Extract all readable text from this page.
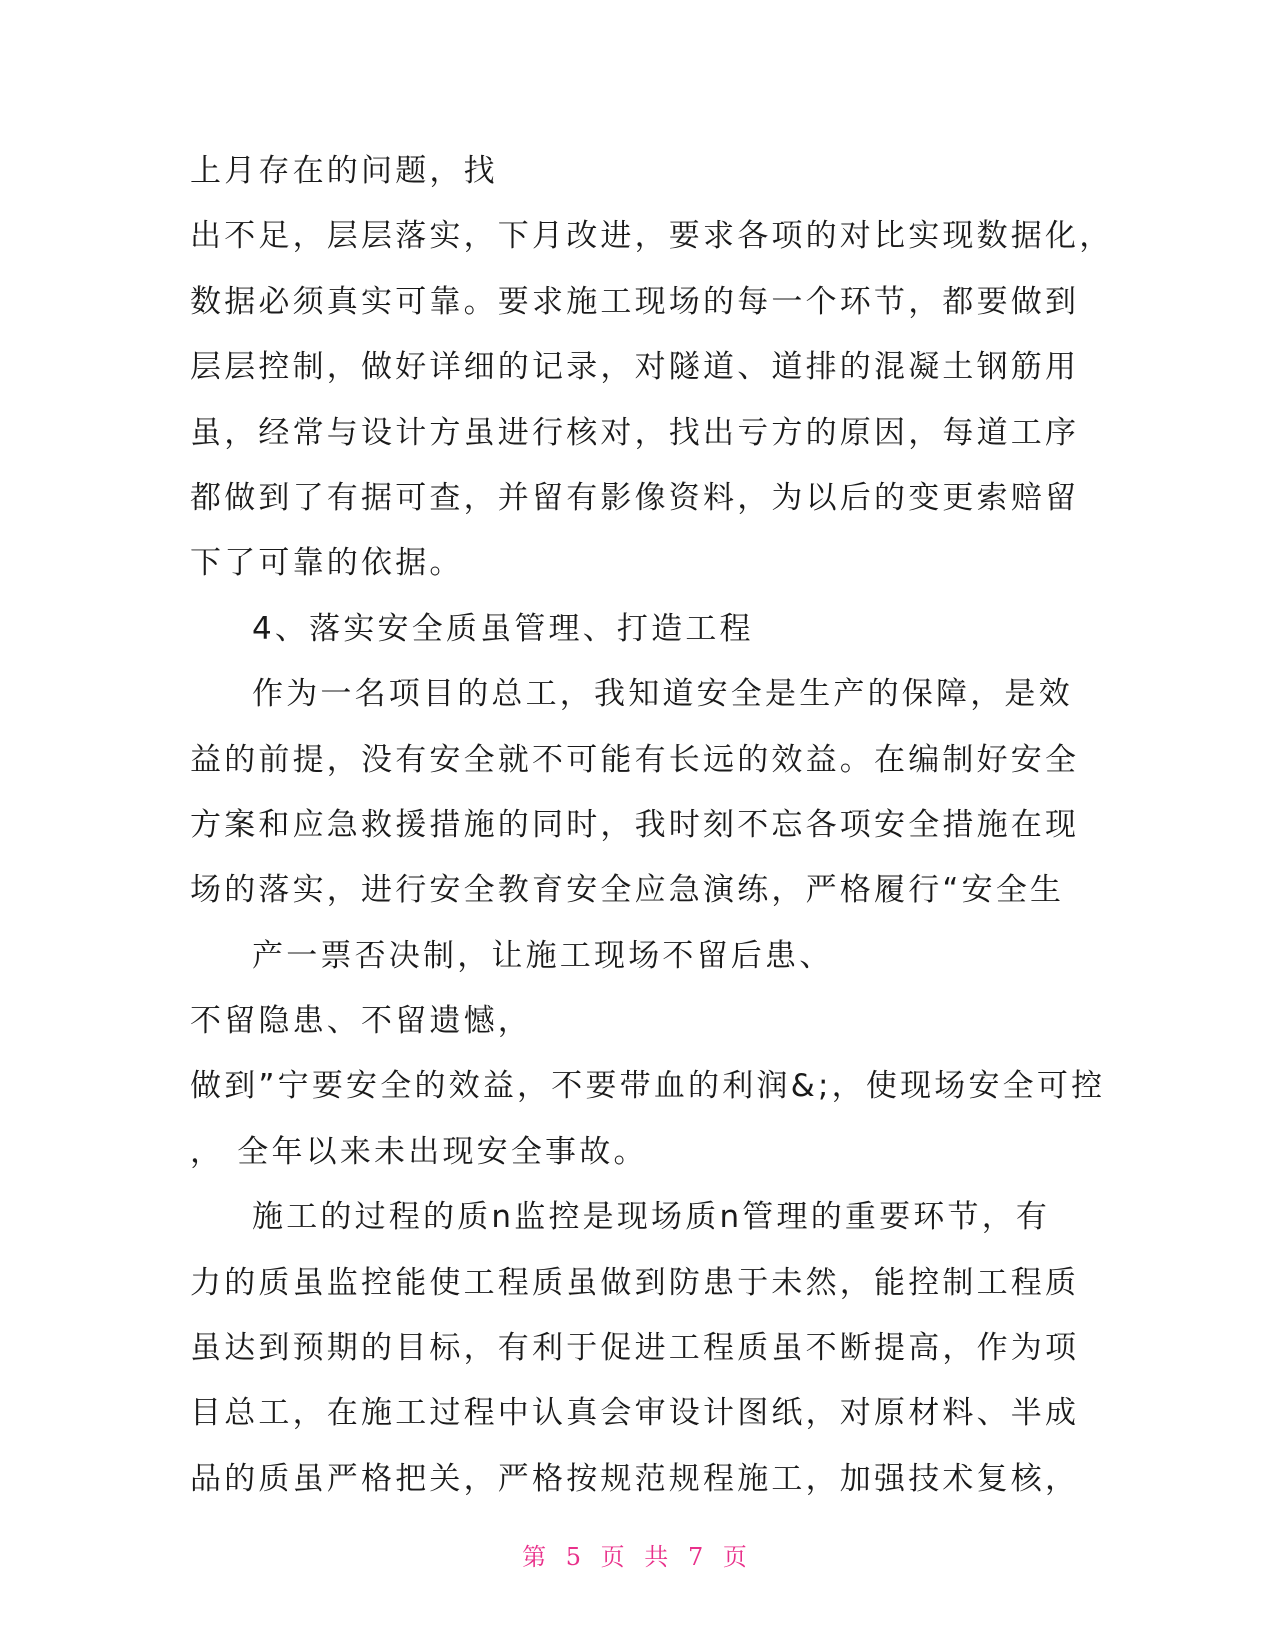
上月存在的问题，找
出不足，层层落实，下月改进，要求各项的对比实现数据化，
数据必须真实可靠。要求施工现场的每一个环节，都要做到
层层控制，做好详细的记录，对隧道、道排的混凝土钢筋用
虽，经常与设计方虽进行核对，找出亏方的原因，每道工序
都做到了有据可查，并留有影像资料，为以后的变更索赔留
下了可靠的依据。
4、落实安全质虽管理、打造工程
作为一名项目的总工，我知道安全是生产的保障，是效
益的前提，没有安全就不可能有长远的效益。在编制好安全
方案和应急救援措施的同时，我时刻不忘各项安全措施在现
场的落实，进行安全教育安全应急演练，严格履行“安全生
产一票否决制，让施工现场不留后患、
不留隐患、不留遗憾，
做到”宁要安全的效益，不要带血的利润&;，使现场安全可控
， 全年以来未出现安全事故。
施工的过程的质n监控是现场质n管理的重要环节，有
力的质虽监控能使工程质虽做到防患于未然，能控制工程质
虽达到预期的目标，有利于促进工程质虽不断提高，作为项
目总工，在施工过程中认真会审设计图纸，对原材料、半成
品的质虽严格把关，严格按规范规程施工，加强技术复核，
第 5 页 共 7 页
